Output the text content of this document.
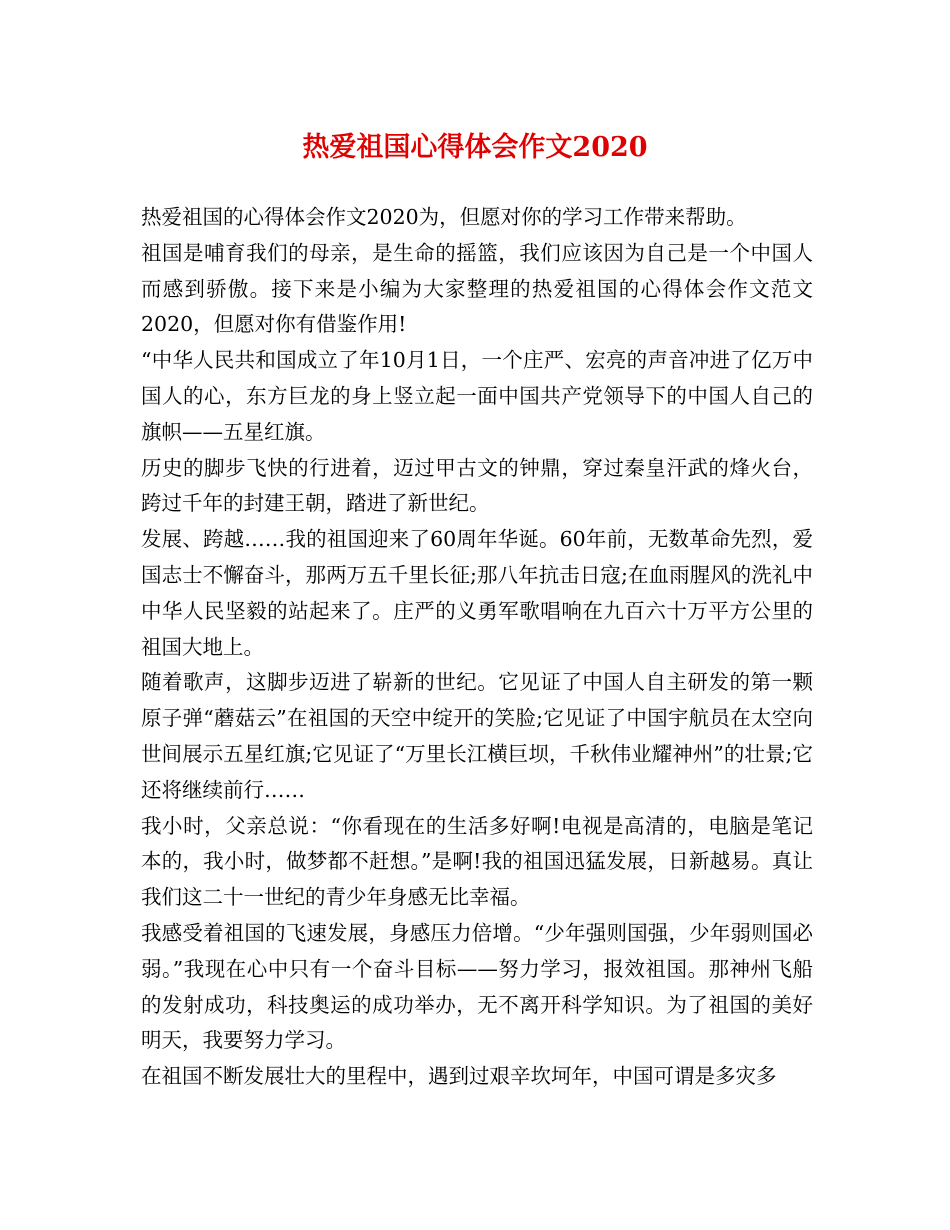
热爱祖国心得体会作文2020

热爱祖国的心得体会作文2020为，但愿对你的学习工作带来帮助。

祖国是哺育我们的母亲，是生命的摇篮，我们应该因为自己是一个中国人而感到骄傲。接下来是小编为大家整理的热爱祖国的心得体会作文范文2020，但愿对你有借鉴作用!

“中华人民共和国成立了年10月1日，一个庄严、宏亮的声音冲进了亿万中国人的心，东方巨龙的身上竖立起一面中国共产党领导下的中国人自己的旗帜——五星红旗。

历史的脚步飞快的行进着，迈过甲古文的钟鼎，穿过秦皇汗武的烽火台，跨过千年的封建王朝，踏进了新世纪。

发展、跨越……我的祖国迎来了60周年华诞。60年前，无数革命先烈，爱国志士不懈奋斗，那两万五千里长征;那八年抗击日寇;在血雨腥风的洗礼中中华人民坚毅的站起来了。庄严的义勇军歌唱响在九百六十万平方公里的祖国大地上。

随着歌声，这脚步迈进了崭新的世纪。它见证了中国人自主研发的第一颗原子弹“蘑菇云”在祖国的天空中绽开的笑脸;它见证了中国宇航员在太空向世间展示五星红旗;它见证了“万里长江横巨坝，千秋伟业耀神州”的壮景;它还将继续前行……

我小时，父亲总说：“你看现在的生活多好啊!电视是高清的，电脑是笔记本的，我小时，做梦都不赶想。”是啊!我的祖国迅猛发展，日新越易。真让我们这二十一世纪的青少年身感无比幸福。

我感受着祖国的飞速发展，身感压力倍增。“少年强则国强，少年弱则国必弱。”我现在心中只有一个奋斗目标——努力学习，报效祖国。那神州飞船的发射成功，科技奥运的成功举办，无不离开科学知识。为了祖国的美好明天，我要努力学习。

在祖国不断发展壮大的里程中，遇到过艰辛坎坷年，中国可谓是多灾多
